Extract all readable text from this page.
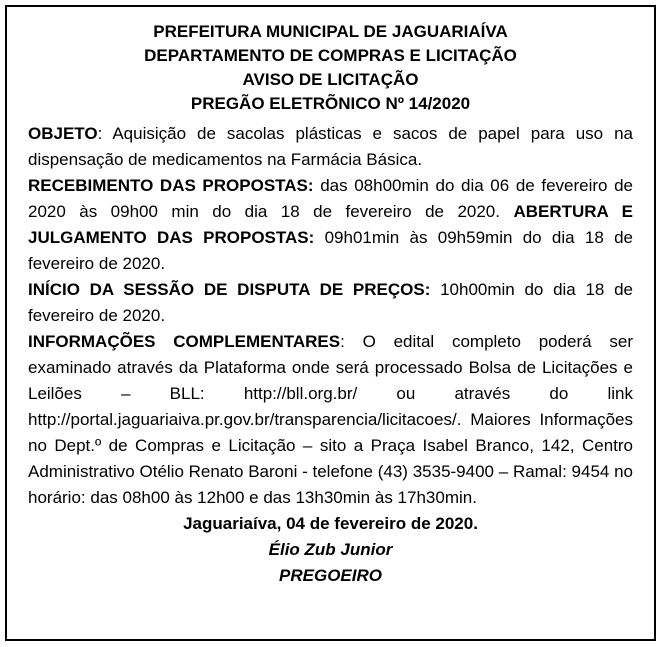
PREFEITURA MUNICIPAL DE JAGUARIAÍVA
DEPARTAMENTO DE COMPRAS E LICITAÇÃO
AVISO DE LICITAÇÃO
PREGÃO ELETRÕNICO Nº 14/2020

OBJETO: Aquisição de sacolas plásticas e sacos de papel para uso na dispensação de medicamentos na Farmácia Básica.

RECEBIMENTO DAS PROPOSTAS: das 08h00min do dia 06 de fevereiro de 2020 às 09h00 min do dia 18 de fevereiro de 2020. ABERTURA E JULGAMENTO DAS PROPOSTAS: 09h01min às 09h59min do dia 18 de fevereiro de 2020.

INÍCIO DA SESSÃO DE DISPUTA DE PREÇOS: 10h00min do dia 18 de fevereiro de 2020.

INFORMAÇÕES COMPLEMENTARES: O edital completo poderá ser examinado através da Plataforma onde será processado Bolsa de Licitações e Leilões – BLL: http://bll.org.br/ ou através do link http://portal.jaguariaiva.pr.gov.br/transparencia/licitacoes/. Maiores Informações no Dept.º de Compras e Licitação – sito a Praça Isabel Branco, 142, Centro Administrativo Otélio Renato Baroni - telefone (43) 3535-9400 – Ramal: 9454 no horário: das 08h00 às 12h00 e das 13h30min às 17h30min.

Jaguariaíva, 04 de fevereiro de 2020.

Élio Zub Junior

PREGOEIRO
